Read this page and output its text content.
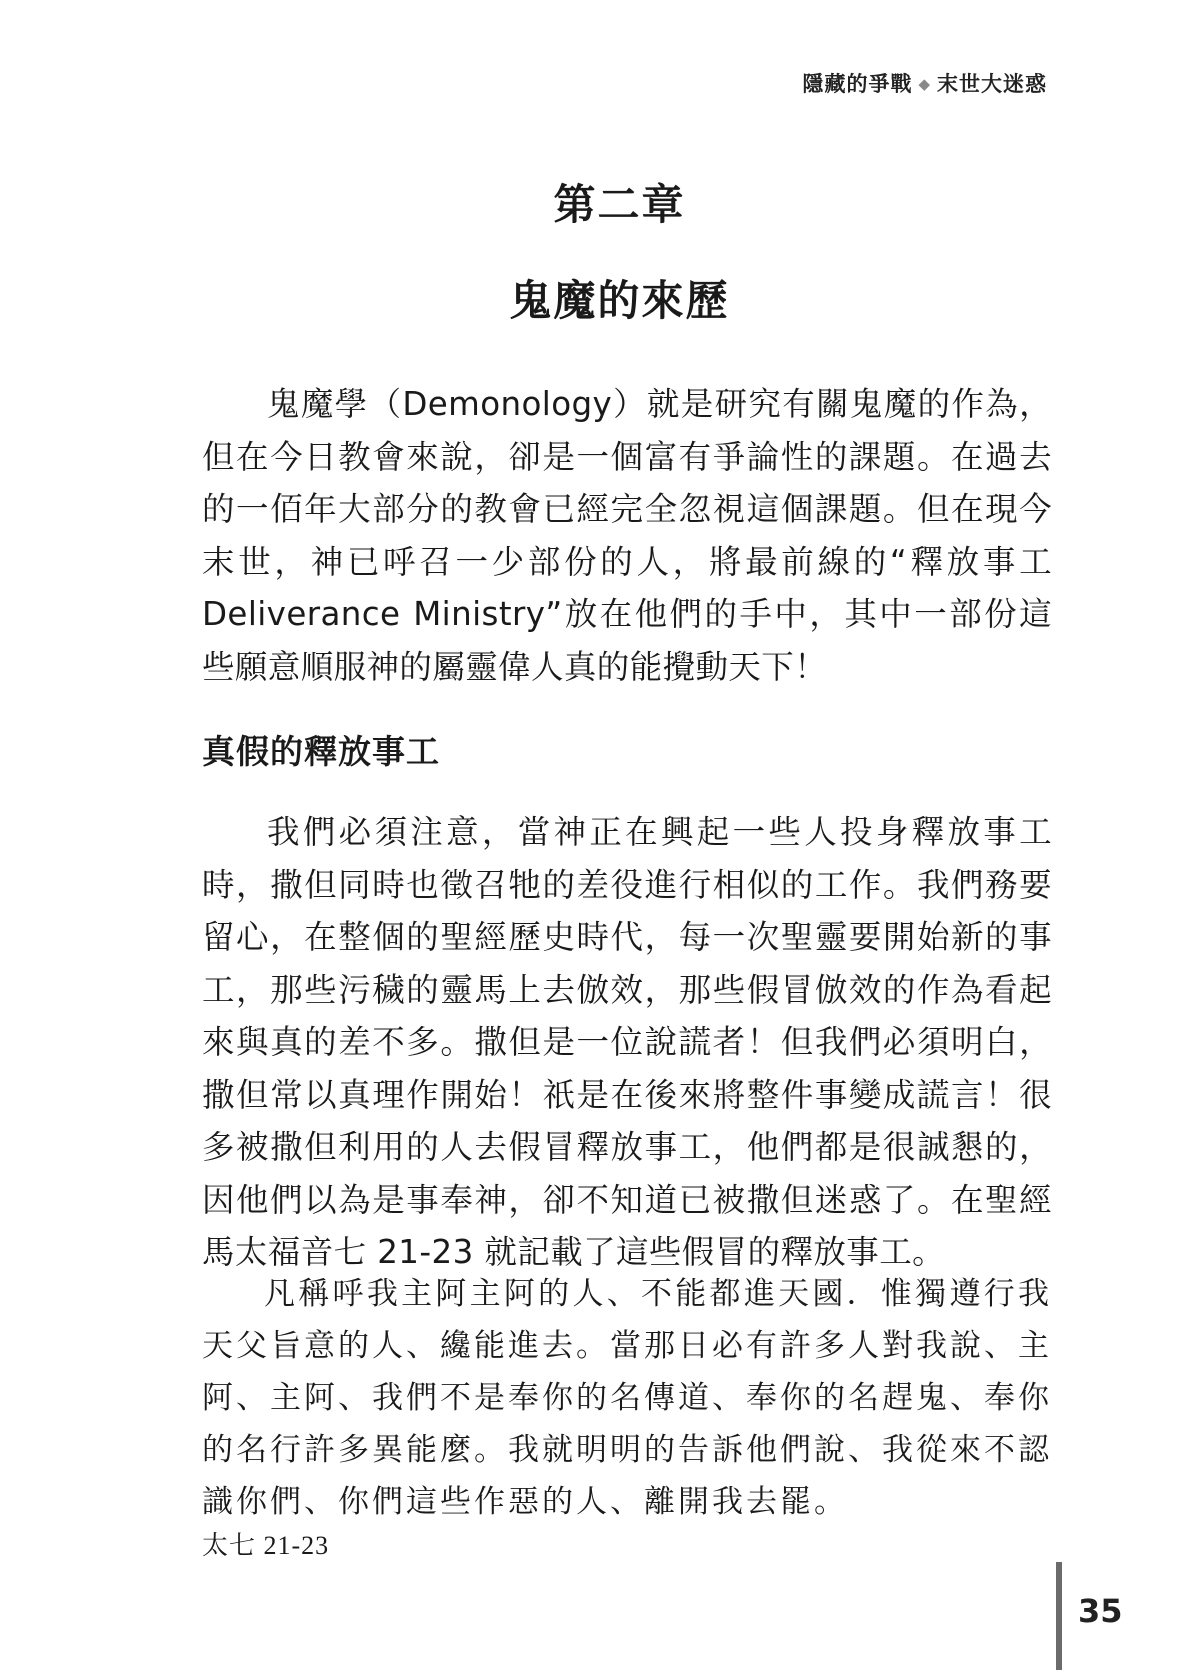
隱藏的爭戰 ◆ 末世大迷惑
第二章
鬼魔的來歷

鬼魔學（Demonology）就是研究有關鬼魔的作為，但在今日教會來說，卻是一個富有爭論性的課題。在過去的一佰年大部分的教會已經完全忽視這個課題。但在現今末世，神已呼召一少部份的人，將最前線的“釋放事工Deliverance Ministry”放在他們的手中，其中一部份這些願意順服神的屬靈偉人真的能攪動天下！

真假的釋放事工

我們必須注意，當神正在興起一些人投身釋放事工時，撒但同時也徵召牠的差役進行相似的工作。我們務要留心，在整個的聖經歷史時代，每一次聖靈要開始新的事工，那些污穢的靈馬上去倣效，那些假冒倣效的作為看起來與真的差不多。撒但是一位說謊者！但我們必須明白，撒但常以真理作開始！祇是在後來將整件事變成謊言！很多被撒但利用的人去假冒釋放事工，他們都是很誠懇的，因他們以為是事奉神，卻不知道已被撒但迷惑了。在聖經馬太福音七 21-23 就記載了這些假冒的釋放事工。

凡稱呼我主阿主阿的人、不能都進天國．惟獨遵行我天父旨意的人、纔能進去。當那日必有許多人對我說、主阿、主阿、我們不是奉你的名傳道、奉你的名趕鬼、奉你的名行許多異能麼。我就明明的告訴他們說、我從來不認識你們、你們這些作惡的人、離開我去罷。

太七 21-23
35
